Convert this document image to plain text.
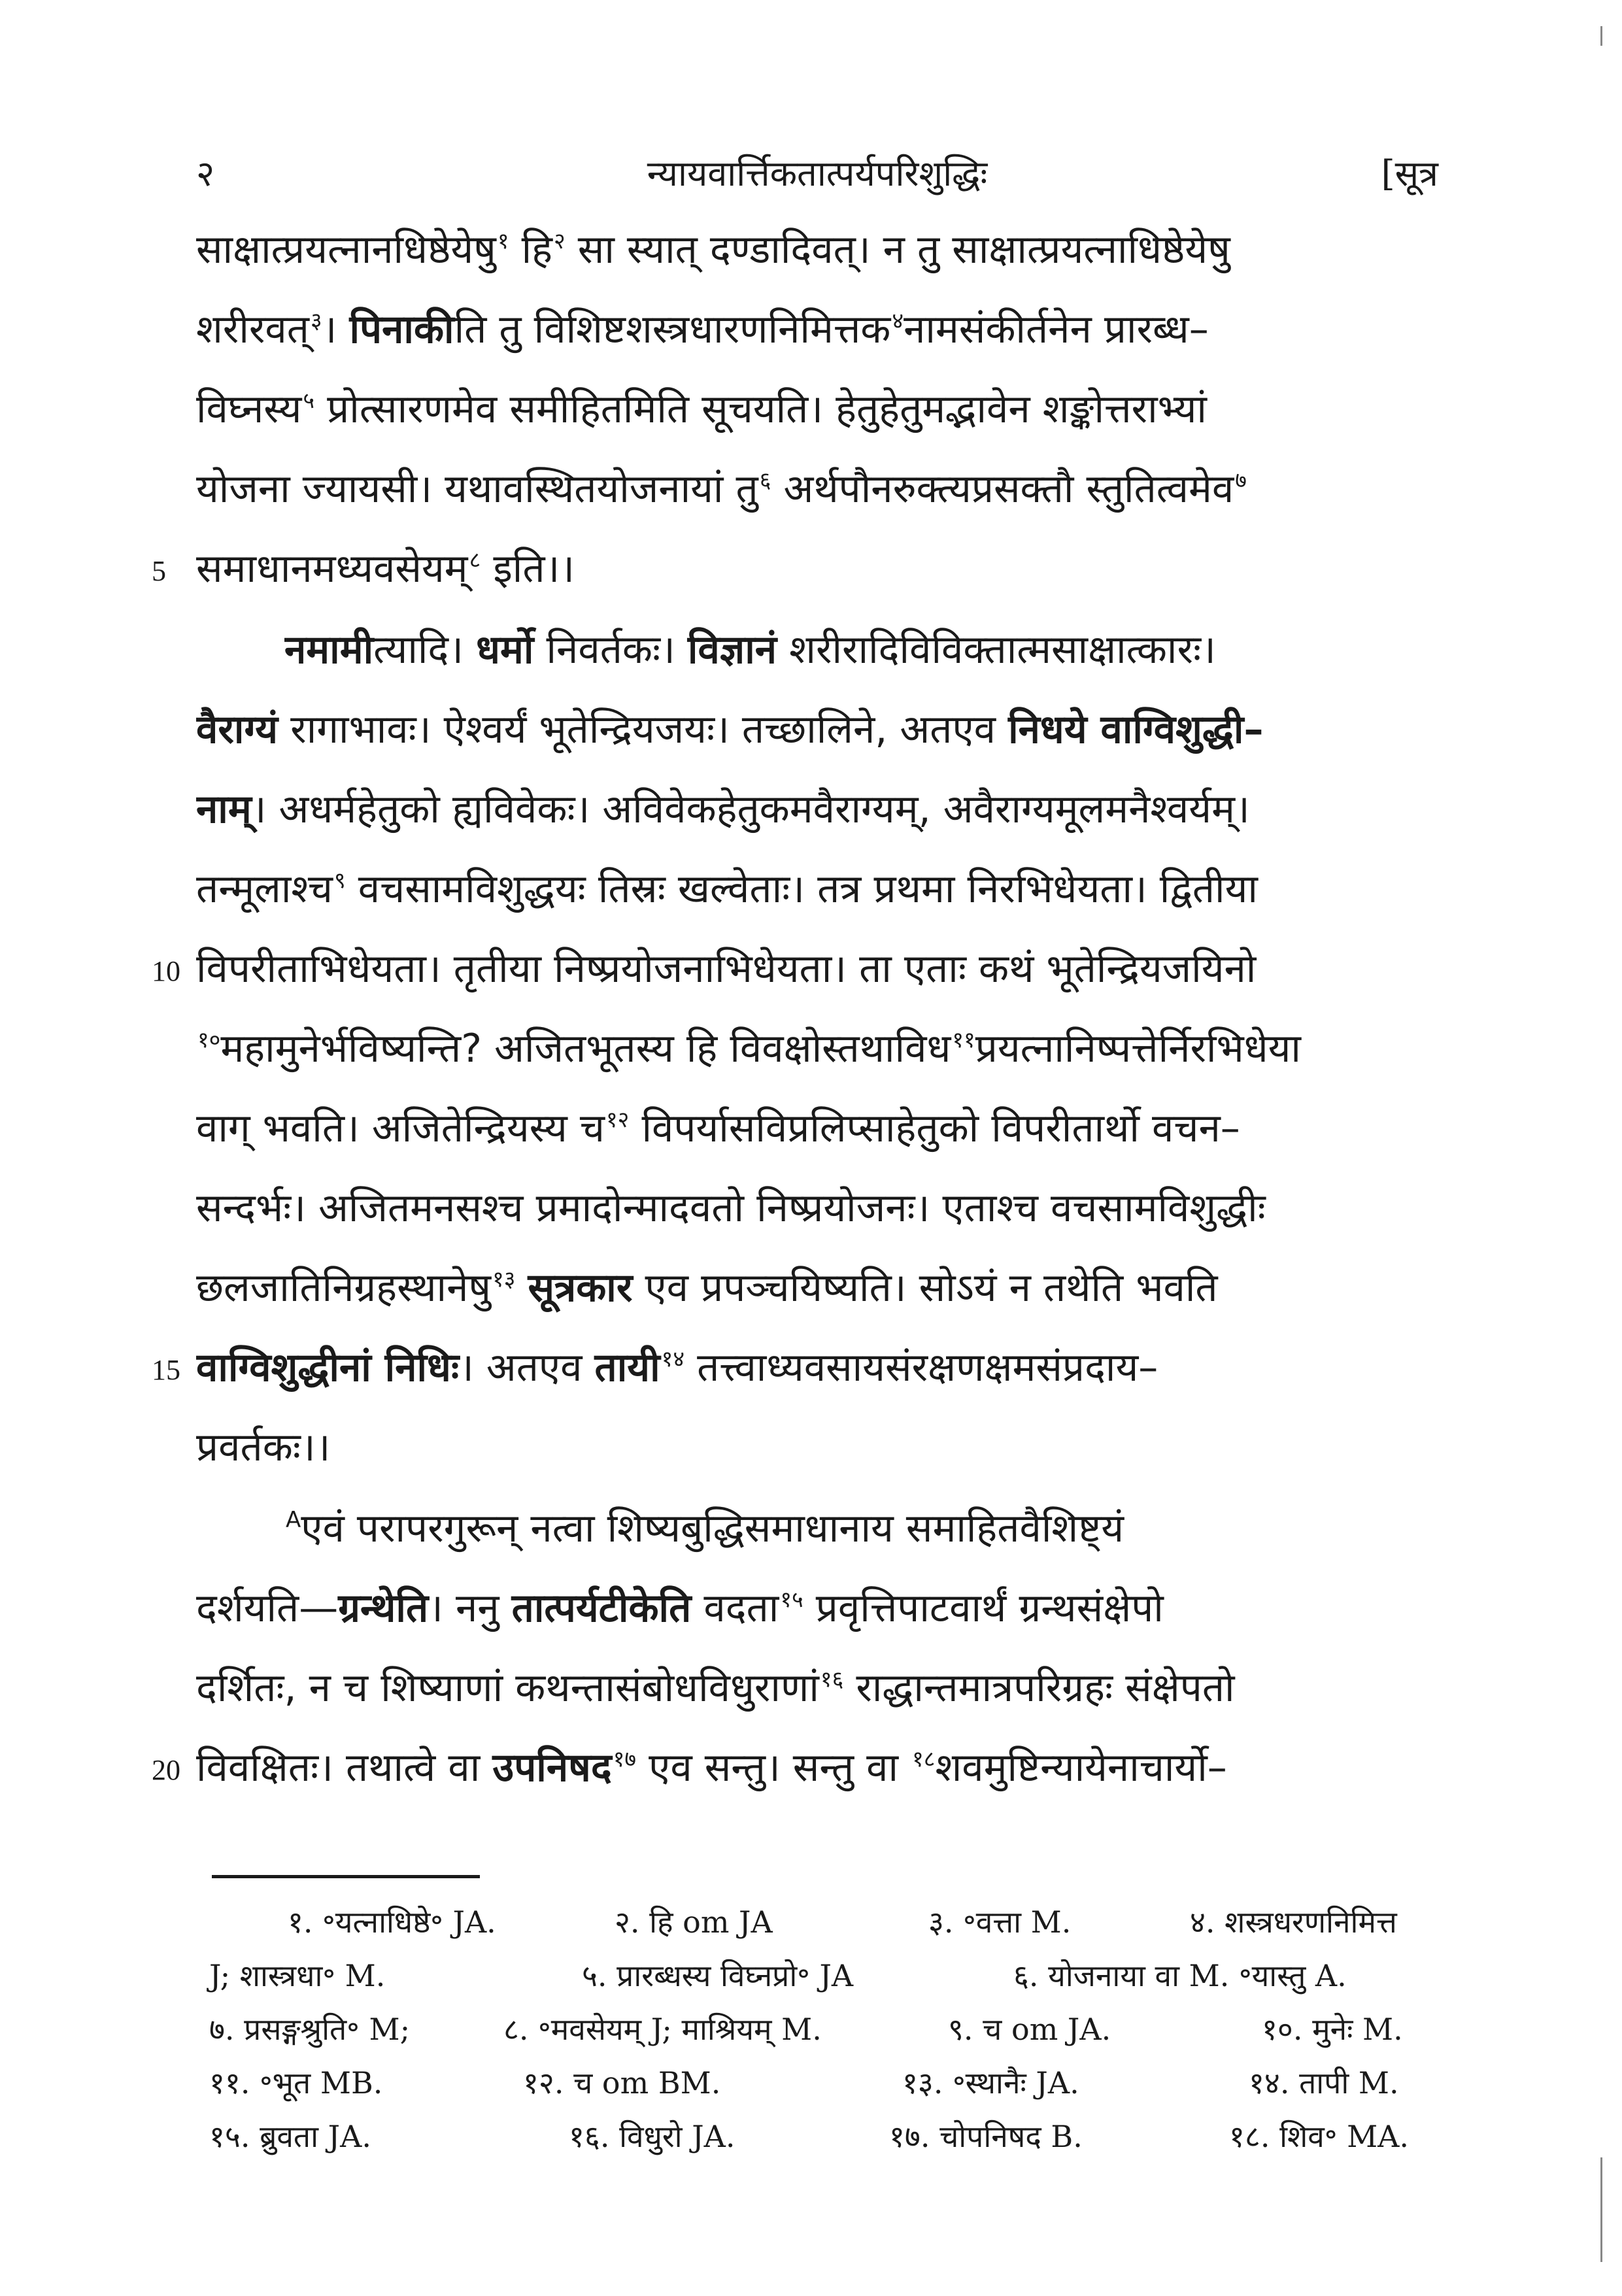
२	न्यायवार्त्तिकतात्पर्यपरिशुद्धिः	[सूत्र
साक्षात्प्रयत्नानधिष्ठेयेषु$^१$ हि$^२$ सा स्यात् दण्डादिवत्। न तु साक्षात्प्रयत्नाधिष्ठेयेषु
शरीरवत्$^३$। पिनाकीति तु विशिष्टशस्त्रधारणनिमित्तक$^४$नामसंकीर्तनेन प्रारब्ध–
विघ्नस्य$^५$ प्रोत्सारणमेव समीहितमिति सूचयति। हेतुहेतुमद्भावेन शङ्कोत्तराभ्यां
योजना ज्यायसी। यथावस्थितयोजनायां तु$^६$ अर्थपौनरुक्त्यप्रसक्तौ स्तुतित्वमेव$^७$
समाधानमध्यवसेयम्$^८$ इति।।
नमामीत्यादि। धर्मो निवर्तकः। विज्ञानं शरीरादिविविक्तात्मसाक्षात्कारः।
वैराग्यं रागाभावः। ऐश्वर्यं भूतेन्द्रियजयः। तच्छालिने, अतएव निधये वाग्विशुद्धी–
नाम्। अधर्महेतुको ह्यविवेकः। अविवेकहेतुकमवैराग्यम्, अवैराग्यमूलमनैश्वर्यम्।
तन्मूलाश्च$^९$ वचसामविशुद्धयः तिस्रः खल्वेताः। तत्र प्रथमा निरभिधेयता। द्वितीया
विपरीताभिधेयता। तृतीया निष्प्रयोजनाभिधेयता। ता एताः कथं भूतेन्द्रियजयिनो
$^{१०}$महामुनेर्भविष्यन्ति? अजितभूतस्य हि विवक्षोस्तथाविध$^{११}$प्रयत्नानिष्पत्तेर्निरभिधेया
वाग् भवति। अजितेन्द्रियस्य च$^{१२}$ विपर्यासविप्रलिप्साहेतुको विपरीतार्थो वचन–
सन्दर्भः। अजितमनसश्च प्रमादोन्मादवतो निष्प्रयोजनः। एताश्च वचसामविशुद्धीः
छलजातिनिग्रहस्थानेषु$^{१३}$ सूत्रकार एव प्रपञ्चयिष्यति। सोऽयं न तथेति भवति
वाग्विशुद्धीनां निधिः। अतएव तायी$^{१४}$ तत्त्वाध्यवसायसंरक्षणक्षमसंप्रदाय–
प्रवर्तकः।।
$^A$एवं परापरगुरून् नत्वा शिष्यबुद्धिसमाधानाय समाहितवैशिष्ट्यं
दर्शयति—ग्रन्थेति। ननु तात्पर्यटीकेति वदता$^{१५}$ प्रवृत्तिपाटवार्थं ग्रन्थसंक्षेपो
दर्शितः, न च शिष्याणां कथन्तासंबोधविधुराणां$^{१६}$ राद्धान्तमात्रपरिग्रहः संक्षेपतो
विवक्षितः। तथात्वे वा उपनिषद$^{१७}$ एव सन्तु। सन्तु वा $^{१८}$शवमुष्टिन्यायेनाचार्यो–
5
10
15
20
१. ॰यत्नाधिष्ठे॰ JA.	२. हि om JA	३. ॰वत्ता M.	४. शस्त्रधरणनिमित्त
J; शास्त्रधा॰ M.	५. प्रारब्धस्य विघ्नप्रो॰ JA	६. योजनाया वा M. ॰यास्तु A.
७. प्रसङ्गश्रुति॰ M;	८. ॰मवसेयम् J; माश्रियम् M.	९. च om JA.	१०. मुनेः M.
११. ॰भूत MB.	१२. च om BM.	१३. ॰स्थानैः JA.	१४. तापी M.
१५. ब्रुवता JA.	१६. विधुरो JA.	१७. चोपनिषद B.	१८. शिव॰ MA.
